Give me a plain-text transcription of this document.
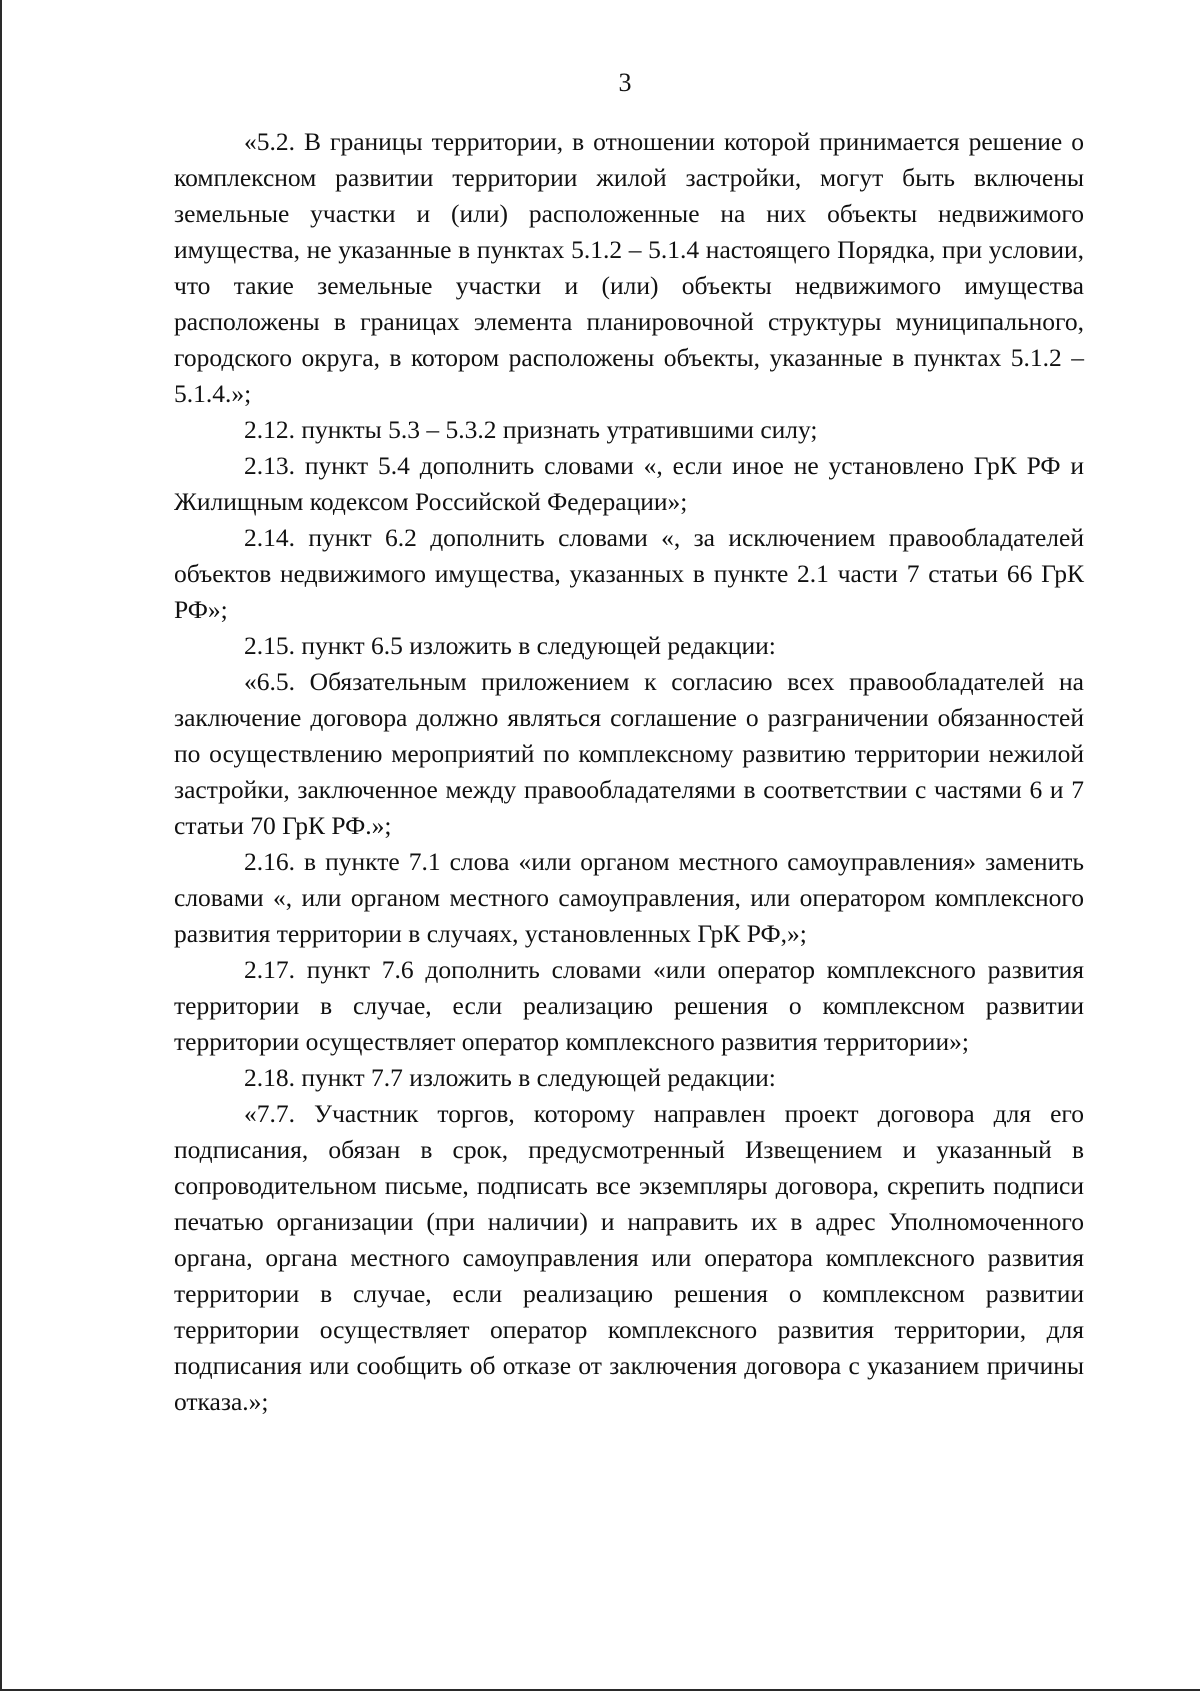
3

«5.2. В границы территории, в отношении которой принимается решение о комплексном развитии территории жилой застройки, могут быть включены земельные участки и (или) расположенные на них объекты недвижимого имущества, не указанные в пунктах 5.1.2 – 5.1.4 настоящего Порядка, при условии, что такие земельные участки и (или) объекты недвижимого имущества расположены в границах элемента планировочной структуры муниципального, городского округа, в котором расположены объекты, указанные в пунктах 5.1.2 – 5.1.4.»;

2.12. пункты 5.3 – 5.3.2 признать утратившими силу;

2.13. пункт 5.4 дополнить словами «, если иное не установлено ГрК РФ и Жилищным кодексом Российской Федерации»;

2.14. пункт 6.2 дополнить словами «, за исключением правообладателей объектов недвижимого имущества, указанных в пункте 2.1 части 7 статьи 66 ГрК РФ»;

2.15. пункт 6.5 изложить в следующей редакции:

«6.5. Обязательным приложением к согласию всех правообладателей на заключение договора должно являться соглашение о разграничении обязанностей по осуществлению мероприятий по комплексному развитию территории нежилой застройки, заключенное между правообладателями в соответствии с частями 6 и 7 статьи 70 ГрК РФ.»;

2.16. в пункте 7.1 слова «или органом местного самоуправления» заменить словами «, или органом местного самоуправления, или оператором комплексного развития территории в случаях, установленных ГрК РФ,»;

2.17. пункт 7.6 дополнить словами «или оператор комплексного развития территории в случае, если реализацию решения о комплексном развитии территории осуществляет оператор комплексного развития территории»;

2.18. пункт 7.7 изложить в следующей редакции:

«7.7. Участник торгов, которому направлен проект договора для его подписания, обязан в срок, предусмотренный Извещением и указанный в сопроводительном письме, подписать все экземпляры договора, скрепить подписи печатью организации (при наличии) и направить их в адрес Уполномоченного органа, органа местного самоуправления или оператора комплексного развития территории в случае, если реализацию решения о комплексном развитии территории осуществляет оператор комплексного развития территории, для подписания или сообщить об отказе от заключения договора с указанием причины отказа.»;
